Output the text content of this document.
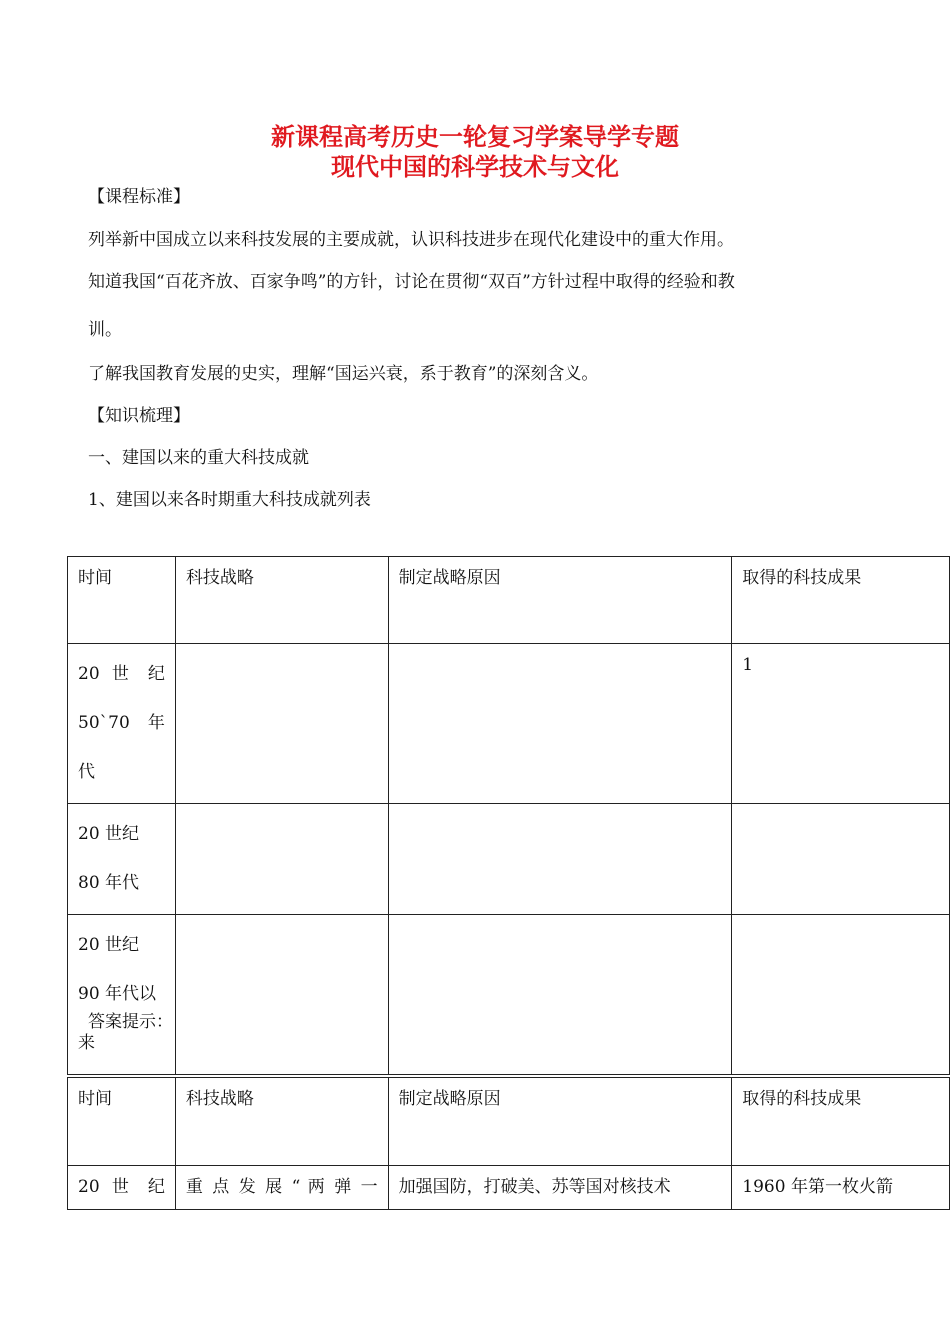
新课程高考历史一轮复习学案导学专题
现代中国的科学技术与文化
【课程标准】
列举新中国成立以来科技发展的主要成就，认识科技进步在现代化建设中的重大作用。
知道我国“百花齐放、百家争鸣”的方针，讨论在贯彻“双百”方针过程中取得的经验和教
训。
了解我国教育发展的史实，理解“国运兴衰，系于教育”的深刻含义。
【知识梳理】
一、建国以来的重大科技成就
1、建国以来各时期重大科技成就列表
时间	科技战略	制定战略原因	取得的科技成果
20 世 纪 50`70 年代			1
20 世纪 80 年代			
20 世纪 90 年代以来			
答案提示：
时间	科技战略	制定战略原因	取得的科技成果
20 世 纪	重 点 发 展 “ 两 弹 一	加强国防，打破美、苏等国对核技术	1960 年第一枚火箭
